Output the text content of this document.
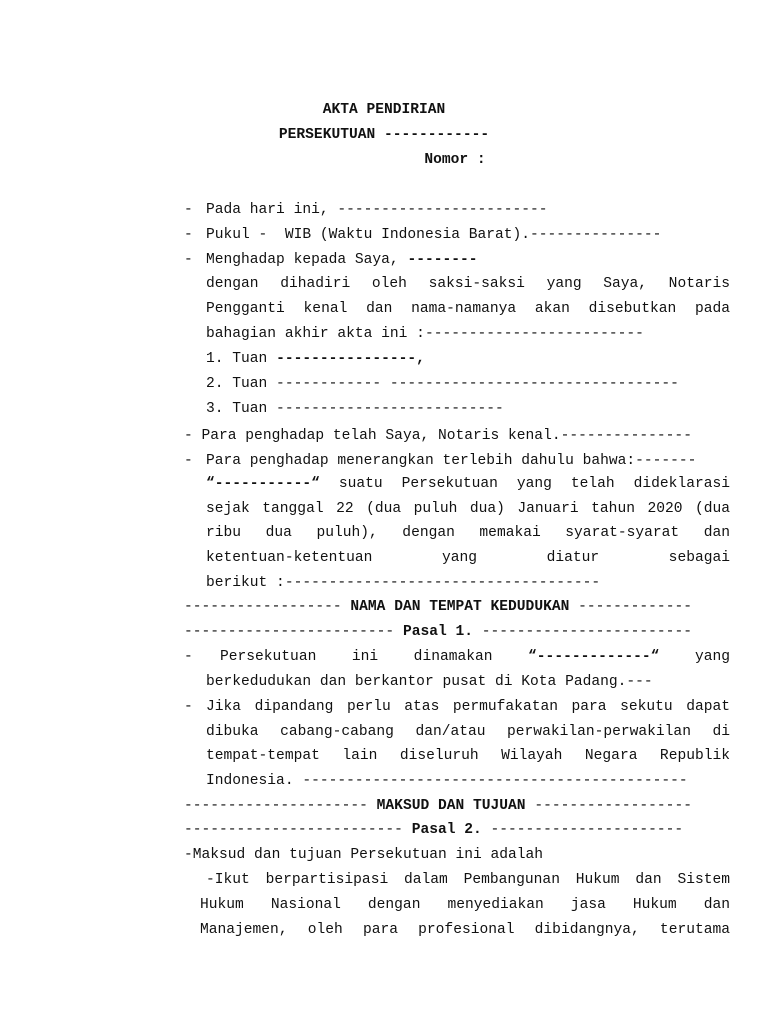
AKTA PENDIRIAN
PERSEKUTUAN ------------
Nomor :
-
-
-
Pada hari ini, ------------------------
Pukul -  WIB (Waktu Indonesia Barat).---------------
Menghadap kepada Saya, --------
dengan dihadiri oleh saksi-saksi yang Saya, Notaris
Pengganti kenal dan nama-namanya akan disebutkan pada
bahagian akhir akta ini :-------------------------
1. Tuan ----------------,
2. Tuan ------------ ---------------------------------
3. Tuan --------------------------
- Para penghadap telah Saya, Notaris kenal.---------------
- Para penghadap menerangkan terlebih dahulu bahwa:-------
“-----------“ suatu Persekutuan yang telah dideklarasi
sejak tanggal 22 (dua puluh dua) Januari tahun 2020 (dua
ribu dua puluh), dengan memakai syarat-syarat dan
ketentuan-ketentuan yang diatur sebagai
berikut :------------------------------------
------------------ NAMA DAN TEMPAT KEDUDUKAN -------------
------------------------ Pasal 1. ------------------------
- Persekutuan ini dinamakan “-------------“ yang
berkedudukan dan berkantor pusat di Kota Padang.---
- Jika dipandang perlu atas permufakatan para sekutu dapat
dibuka cabang-cabang dan/atau perwakilan-perwakilan di
tempat-tempat lain diseluruh Wilayah Negara Republik
Indonesia. --------------------------------------------
--------------------- MAKSUD DAN TUJUAN ------------------
------------------------- Pasal 2. ----------------------
-Maksud dan tujuan Persekutuan ini adalah
-Ikut berpartisipasi dalam Pembangunan Hukum dan Sistem
Hukum Nasional dengan menyediakan jasa Hukum dan
Manajemen, oleh para profesional dibidangnya, terutama
